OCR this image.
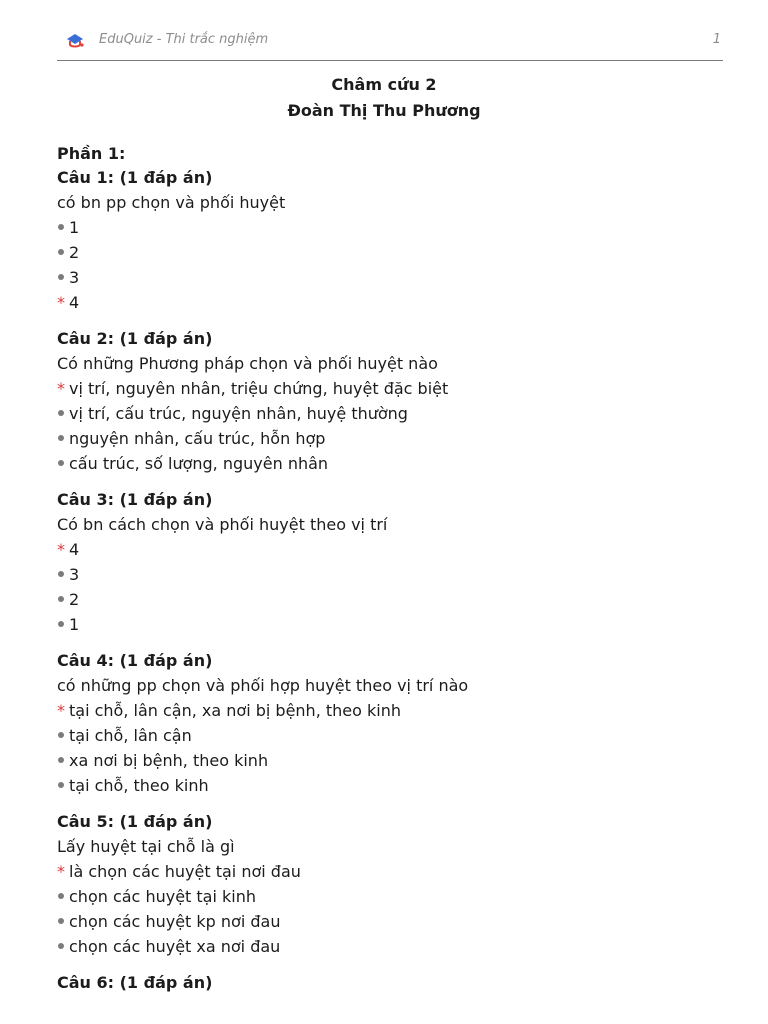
EduQuiz - Thi trắc nghiệm	1
Châm cứu 2
Đoàn Thị Thu Phương
Phần 1:
Câu 1: (1 đáp án)
có bn pp chọn và phối huyệt
1
2
3
* 4
Câu 2: (1 đáp án)
Có những Phương pháp chọn và phối huyệt nào
* vị trí, nguyên nhân, triệu chứng, huyệt đặc biệt
vị trí, cấu trúc, nguyện nhân, huyệ thường
nguyện nhân, cấu trúc, hỗn hợp
cấu trúc, số lượng, nguyên nhân
Câu 3: (1 đáp án)
Có bn cách chọn và phối huyệt theo vị trí
* 4
3
2
1
Câu 4: (1 đáp án)
có những pp chọn và phối hợp huyệt theo vị trí nào
* tại chỗ, lân cận, xa nơi bị bệnh, theo kinh
tại chỗ, lân cận
xa nơi bị bệnh, theo kinh
tại chỗ, theo kinh
Câu 5: (1 đáp án)
Lấy huyệt tại chỗ là gì
* là chọn các huyệt tại nơi đau
chọn các huyệt tại kinh
chọn các huyệt kp nơi đau
chọn các huyệt xa nơi đau
Câu 6: (1 đáp án)
